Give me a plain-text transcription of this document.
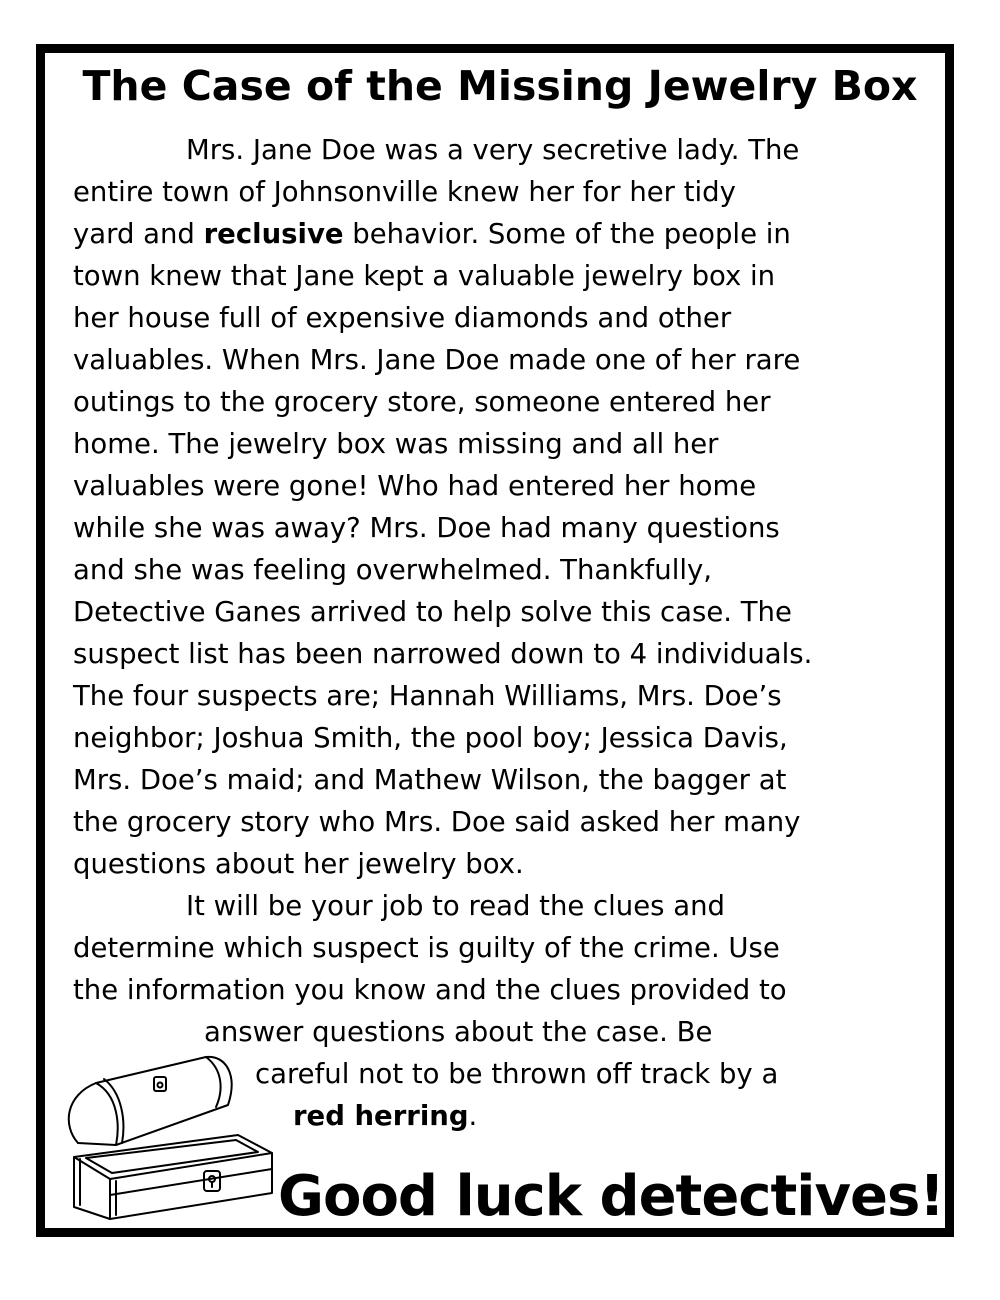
The Case of the Missing Jewelry Box
Mrs. Jane Doe was a very secretive lady. The
entire town of Johnsonville knew her for her tidy
yard and reclusive behavior. Some of the people in
town knew that Jane kept a valuable jewelry box in
her house full of expensive diamonds and other
valuables. When Mrs. Jane Doe made one of her rare
outings to the grocery store, someone entered her
home. The jewelry box was missing and all her
valuables were gone! Who had entered her home
while she was away? Mrs. Doe had many questions
and she was feeling overwhelmed. Thankfully,
Detective Ganes arrived to help solve this case. The
suspect list has been narrowed down to 4 individuals.
The four suspects are; Hannah Williams, Mrs. Doe’s
neighbor; Joshua Smith, the pool boy; Jessica Davis,
Mrs. Doe’s maid; and Mathew Wilson, the bagger at
the grocery story who Mrs. Doe said asked her many
questions about her jewelry box.
It will be your job to read the clues and
determine which suspect is guilty of the crime. Use
the information you know and the clues provided to
answer questions about the case. Be
careful not to be thrown off track by a
red herring.
Good luck detectives!
